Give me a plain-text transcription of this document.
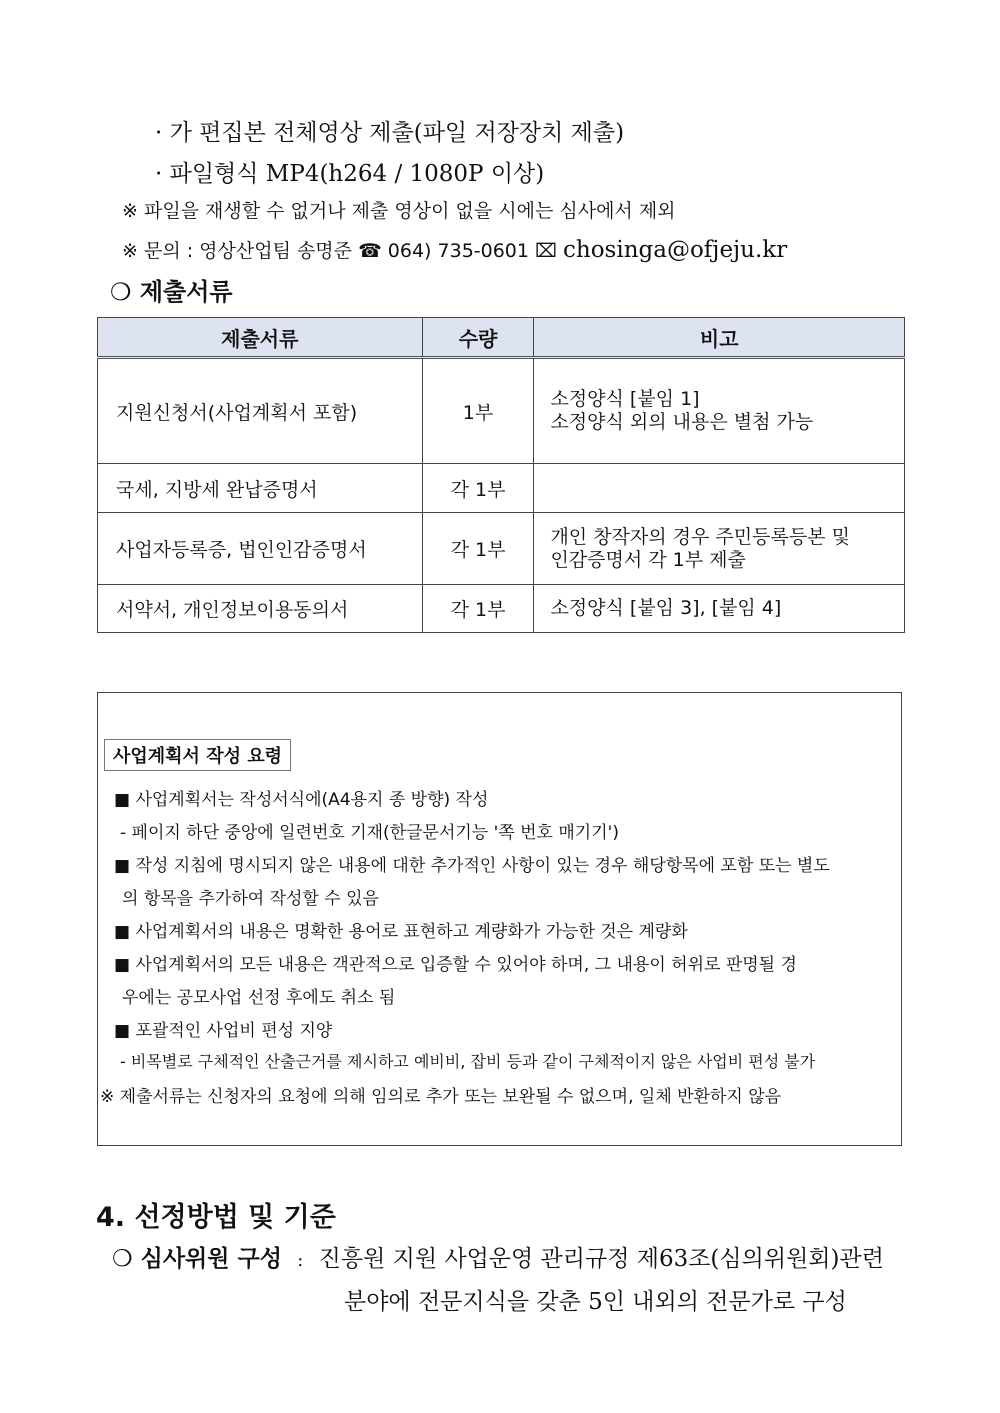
· 가 편집본 전체영상 제출(파일 저장장치 제출)
· 파일형식 MP4(h264 / 1080P 이상)
※ 파일을 재생할 수 없거나 제출 영상이 없을 시에는 심사에서 제외
※ 문의 : 영상산업팀 송명준 ☎ 064) 735-0601 ⌧ chosinga@ofjeju.kr
❍ 제출서류
제출서류	수량	비고
지원신청서(사업계획서 포함)	1부	소정양식 [붙임 1]
소정양식 외의 내용은 별첨 가능

국세, 지방세 완납증명서	각 1부	

사업자등록증, 법인인감증명서	각 1부	개인 창작자의 경우 주민등록등본 및
인감증명서 각 1부 제출

서약서, 개인정보이용동의서	각 1부	소정양식 [붙임 3], [붙임 4]
사업계획서 작성 요령
■ 사업계획서는 작성서식에(A4용지 종 방향) 작성
- 페이지 하단 중앙에 일련번호 기재(한글문서기능 '쪽 번호 매기기')
■ 작성 지침에 명시되지 않은 내용에 대한 추가적인 사항이 있는 경우 해당항목에 포함 또는 별도
의 항목을 추가하여 작성할 수 있음
■ 사업계획서의 내용은 명확한 용어로 표현하고 계량화가 가능한 것은 계량화
■ 사업계획서의 모든 내용은 객관적으로 입증할 수 있어야 하며, 그 내용이 허위로 판명될 경
우에는 공모사업 선정 후에도 취소 됨
■ 포괄적인 사업비 편성 지양
- 비목별로 구체적인 산출근거를 제시하고 예비비, 잡비 등과 같이 구체적이지 않은 사업비 편성 불가
※ 제출서류는 신청자의 요청에 의해 임의로 추가 또는 보완될 수 없으며, 일체 반환하지 않음
4. 선정방법 및 기준
❍ 심사위원 구성 : 진흥원 지원 사업운영 관리규정 제63조(심의위원회)관련
분야에 전문지식을 갖춘 5인 내외의 전문가로 구성
